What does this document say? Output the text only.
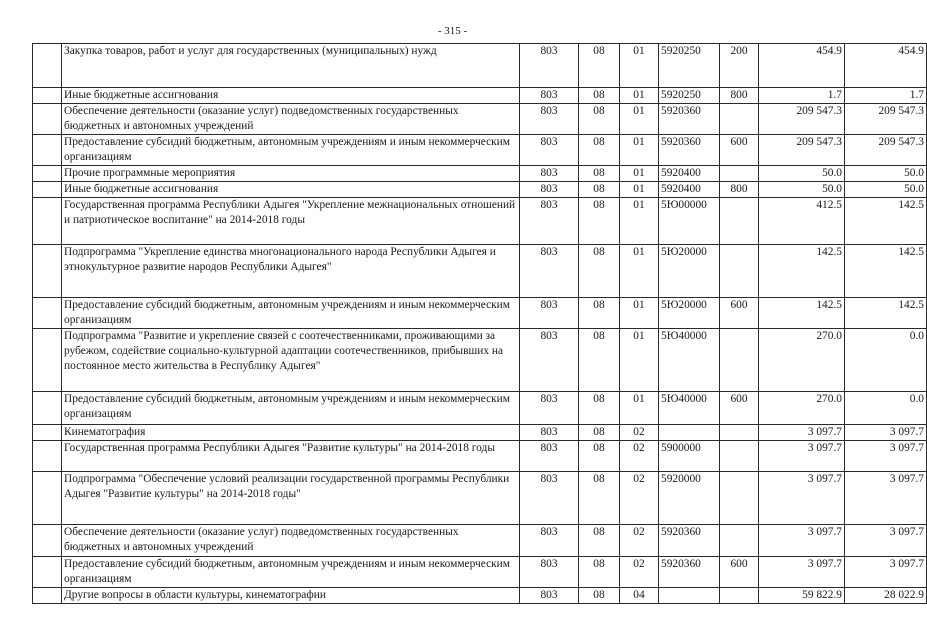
- 315 -
	Закупка товаров, работ и услуг для государственных (муниципальных) нужд	803	08	01	5920250	200	454.9	454.9
	Иные бюджетные ассигнования	803	08	01	5920250	800	1.7	1.7
	Обеспечение деятельности (оказание услуг) подведомственных государственных бюджетных и автономных учреждений	803	08	01	5920360		209 547.3	209 547.3
	Предоставление субсидий бюджетным, автономным учреждениям и иным некоммерческим организациям	803	08	01	5920360	600	209 547.3	209 547.3
	Прочие программные мероприятия	803	08	01	5920400		50.0	50.0
	Иные бюджетные ассигнования	803	08	01	5920400	800	50.0	50.0
	Государственная программа Республики Адыгея "Укрепление межнациональных отношений и патриотическое воспитание" на 2014-2018 годы	803	08	01	5Ю00000		412.5	142.5
	Подпрограмма "Укрепление единства многонационального народа Республики Адыгея и этнокультурное развитие народов Республики Адыгея"	803	08	01	5Ю20000		142.5	142.5
	Предоставление субсидий бюджетным, автономным учреждениям и иным некоммерческим организациям	803	08	01	5Ю20000	600	142.5	142.5
	Подпрограмма "Развитие и укрепление связей с соотечественниками, проживающими за рубежом, содействие социально-культурной адаптации соотечественников, прибывших на постоянное место жительства в Республику Адыгея"	803	08	01	5Ю40000		270.0	0.0
	Предоставление субсидий бюджетным, автономным учреждениям и иным некоммерческим организациям	803	08	01	5Ю40000	600	270.0	0.0
	Кинематография	803	08	02			3 097.7	3 097.7
	Государственная программа Республики Адыгея "Развитие культуры" на 2014-2018 годы	803	08	02	5900000		3 097.7	3 097.7
	Подпрограмма "Обеспечение условий реализации государственной программы Республики Адыгея "Развитие культуры" на 2014-2018 годы"	803	08	02	5920000		3 097.7	3 097.7
	Обеспечение деятельности (оказание услуг) подведомственных государственных бюджетных и автономных учреждений	803	08	02	5920360		3 097.7	3 097.7
	Предоставление субсидий бюджетным, автономным учреждениям и иным некоммерческим организациям	803	08	02	5920360	600	3 097.7	3 097.7
	Другие вопросы в области культуры, кинематографии	803	08	04			59 822.9	28 022.9
